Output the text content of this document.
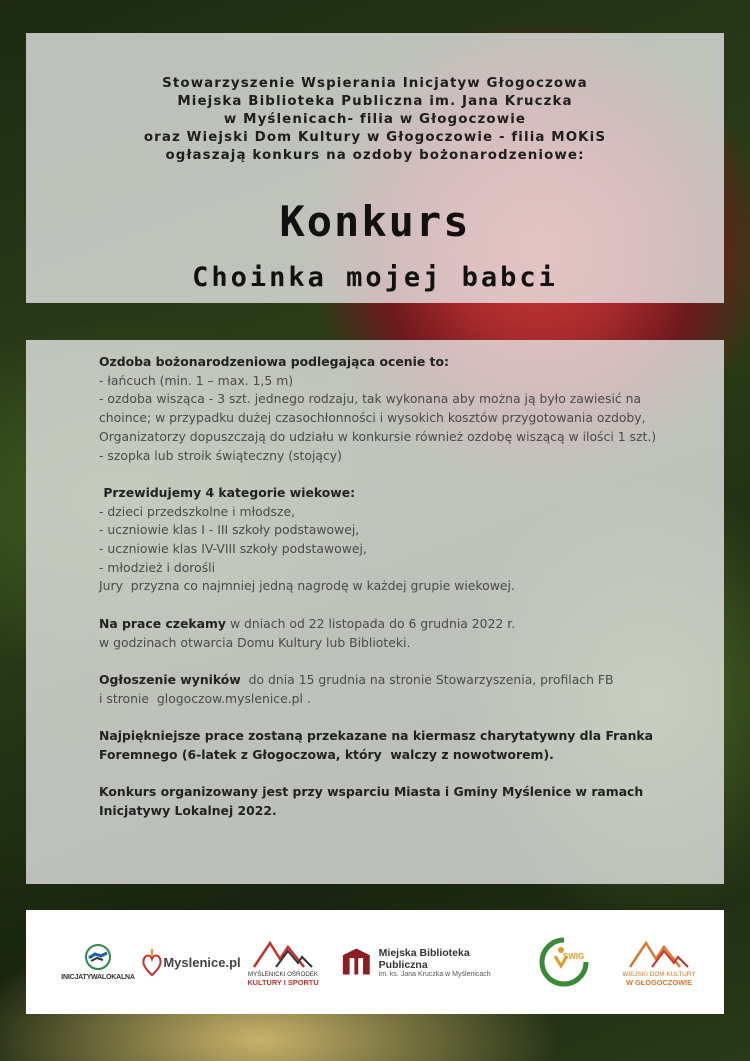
Stowarzyszenie Wspierania Inicjatyw Głogoczowa

Miejska Biblioteka Publiczna im. Jana Kruczka

w Myślenicach- filia w Głogoczowie

oraz Wiejski Dom Kultury w Głogoczowie - filia MOKiS

ogłaszają konkurs na ozdoby bożonarodzeniowe:

Konkurs
Choinka mojej babci

Ozdoba bożonarodzeniowa podlegająca ocenie to:

- łańcuch (min. 1 – max. 1,5 m)

- ozdoba wisząca - 3 szt. jednego rodzaju, tak wykonana aby można ją było zawiesić na

choince; w przypadku dużej czasochłonności i wysokich kosztów przygotowania ozdoby,

Organizatorzy dopuszczają do udziału w konkursie również ozdobę wiszącą w ilości 1 szt.)

- szopka lub stroik świąteczny (stojący)

Przewidujemy 4 kategorie wiekowe:

- dzieci przedszkolne i młodsze,

- uczniowie klas I - III szkoły podstawowej,

- uczniowie klas IV-VIII szkoły podstawowej,

- młodzież i dorośli

Jury  przyzna co najmniej jedną nagrodę w każdej grupie wiekowej.

Na prace czekamy w dniach od 22 listopada do 6 grudnia 2022 r.

w godzinach otwarcia Domu Kultury lub Biblioteki.

Ogłoszenie wyników  do dnia 15 grudnia na stronie Stowarzyszenia, profilach FB

i stronie  glogoczow.myslenice.pl .

Najpiękniejsze prace zostaną przekazane na kiermasz charytatywny dla Franka

Foremnego (6-latek z Głogoczowa, który  walczy z nowotworem).

Konkurs organizowany jest przy wsparciu Miasta i Gminy Myślenice w ramach

Inicjatywy Lokalnej 2022.

INICJATYWALOKALNA
Myslenice.pl
MYŚLENICKI OŚRODEK
KULTURY I SPORTU
Miejska Biblioteka Publiczna
im. ks. Jana Kruczka w Myślenicach
SWIG
WIEJSKI DOM KULTURY
W GŁOGOCZOWIE
